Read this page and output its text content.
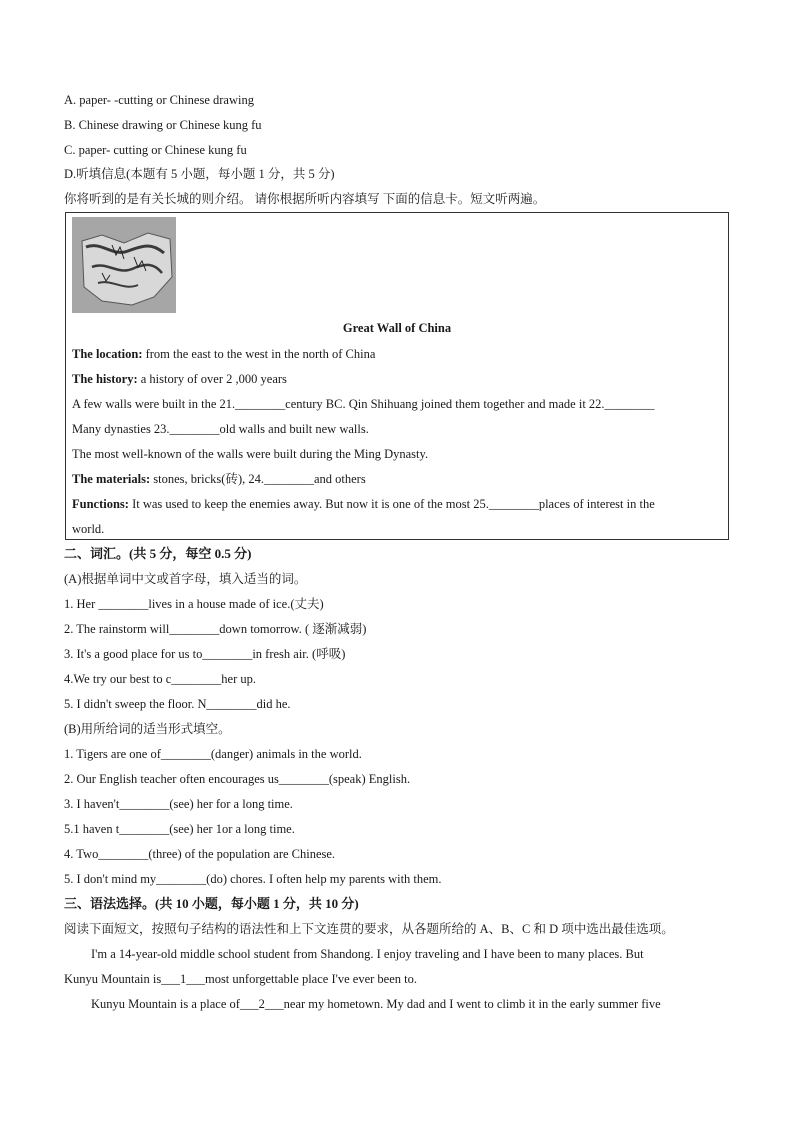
A. paper- -cutting or Chinese drawing
B. Chinese drawing or Chinese kung fu
C. paper- cutting or Chinese kung fu
D.听填信息(本题有 5 小题，每小题 1 分，共 5 分)
你将听到的是有关长城的则介绍。 请你根据所听内容填写 下面的信息卡。短文听两遍。
Great Wall of China
The location: from the east to the west in the north of China
The history: a history of over 2 ,000 years
A few walls were built in the 21.________century BC. Qin Shihuang joined them together and made it 22.________
Many dynasties 23.________old walls and built new walls.
The most well-known of the walls were built during the Ming Dynasty.
The materials: stones, bricks(砖), 24.________and others
Functions: It was used to keep the enemies away. But now it is one of the most 25.________places of interest in the
world.
二、词汇。(共 5 分，每空 0.5 分)
(A)根据单词中文或首字母，填入适当的词。
1. Her ________lives in a house made of ice.(丈夫)
2. The rainstorm will________down tomorrow. ( 逐渐减弱)
3. It's a good place for us to________in fresh air. (呼吸)
4.We try our best to c________her up.
5. I didn't sweep the floor. N________did he.
(B)用所给词的适当形式填空。
1. Tigers are one of________(danger) animals in the world.
2. Our English teacher often encourages us________(speak) English.
3. I haven't________(see) her for a long time.
5.1 haven t________(see) her 1or a long time.
4. Two________(three) of the population are Chinese.
5. I don't mind my________(do) chores. I often help my parents with them.
三、语法选择。(共 10 小题，每小题 1 分，共 10 分)
阅读下面短文，按照句子结构的语法性和上下文连贯的要求，从各题所给的 A、B、C 和 D 项中选出最佳选项。
I'm a 14-year-old middle school student from Shandong. I enjoy traveling and I have been to many places. But
Kunyu Mountain is___1___most unforgettable place I've ever been to.
Kunyu Mountain is a place of___2___near my hometown. My dad and I went to climb it in the early summer five
